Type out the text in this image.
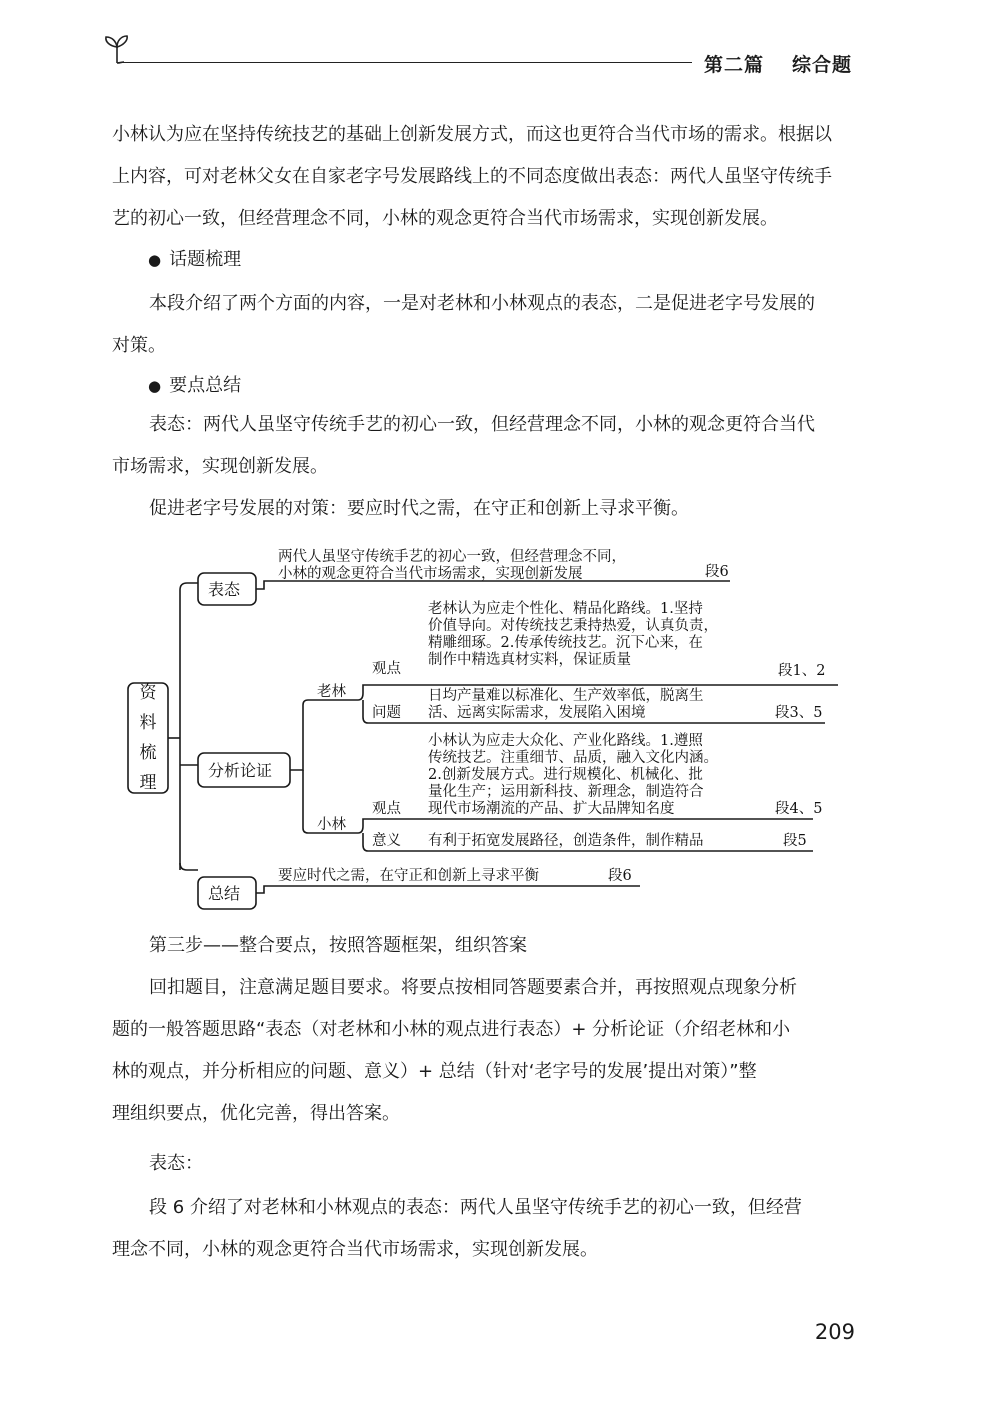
第二篇 综合题

小林认为应在坚持传统技艺的基础上创新发展方式，而这也更符合当代市场的需求。根据以

上内容，可对老林父女在自家老字号发展路线上的不同态度做出表态：两代人虽坚守传统手

艺的初心一致，但经营理念不同，小林的观念更符合当代市场需求，实现创新发展。

● 话题梳理

本段介绍了两个方面的内容，一是对老林和小林观点的表态，二是促进老字号发展的

对策。

● 要点总结

表态：两代人虽坚守传统手艺的初心一致，但经营理念不同，小林的观念更符合当代

市场需求，实现创新发展。

促进老字号发展的对策：要应时代之需，在守正和创新上寻求平衡。

资
料
梳
理
表态
两代人虽坚守传统手艺的初心一致，但经营理念不同，
小林的观念更符合当代市场需求，实现创新发展	段6
分析论证
老林
观点
老林认为应走个性化、精品化路线。1.坚持
价值导向。对传统技艺秉持热爱，认真负责，
精雕细琢。2.传承传统技艺。沉下心来，在
制作中精选真材实料，保证质量
段1、2
问题
日均产量难以标准化、生产效率低，脱离生
活、远离实际需求，发展陷入困境	段3、5
小林
观点
小林认为应走大众化、产业化路线。1.遵照
传统技艺。注重细节、品质，融入文化内涵。
2.创新发展方式。进行规模化、机械化、批
量化生产；运用新科技、新理念，制造符合
现代市场潮流的产品、扩大品牌知名度	段4、5
意义 有利于拓宽发展路径，创造条件，制作精品	段5
总结
要应时代之需，在守正和创新上寻求平衡	段6

第三步——整合要点，按照答题框架，组织答案

回扣题目，注意满足题目要求。将要点按相同答题要素合并，再按照观点现象分析

题的一般答题思路“表态（对老林和小林的观点进行表态）+ 分析论证（介绍老林和小

林的观点，并分析相应的问题、意义）+ 总结（针对‘老字号的发展’提出对策）”整

理组织要点，优化完善，得出答案。

表态：

段 6 介绍了对老林和小林观点的表态：两代人虽坚守传统手艺的初心一致，但经营

理念不同，小林的观念更符合当代市场需求，实现创新发展。

209
